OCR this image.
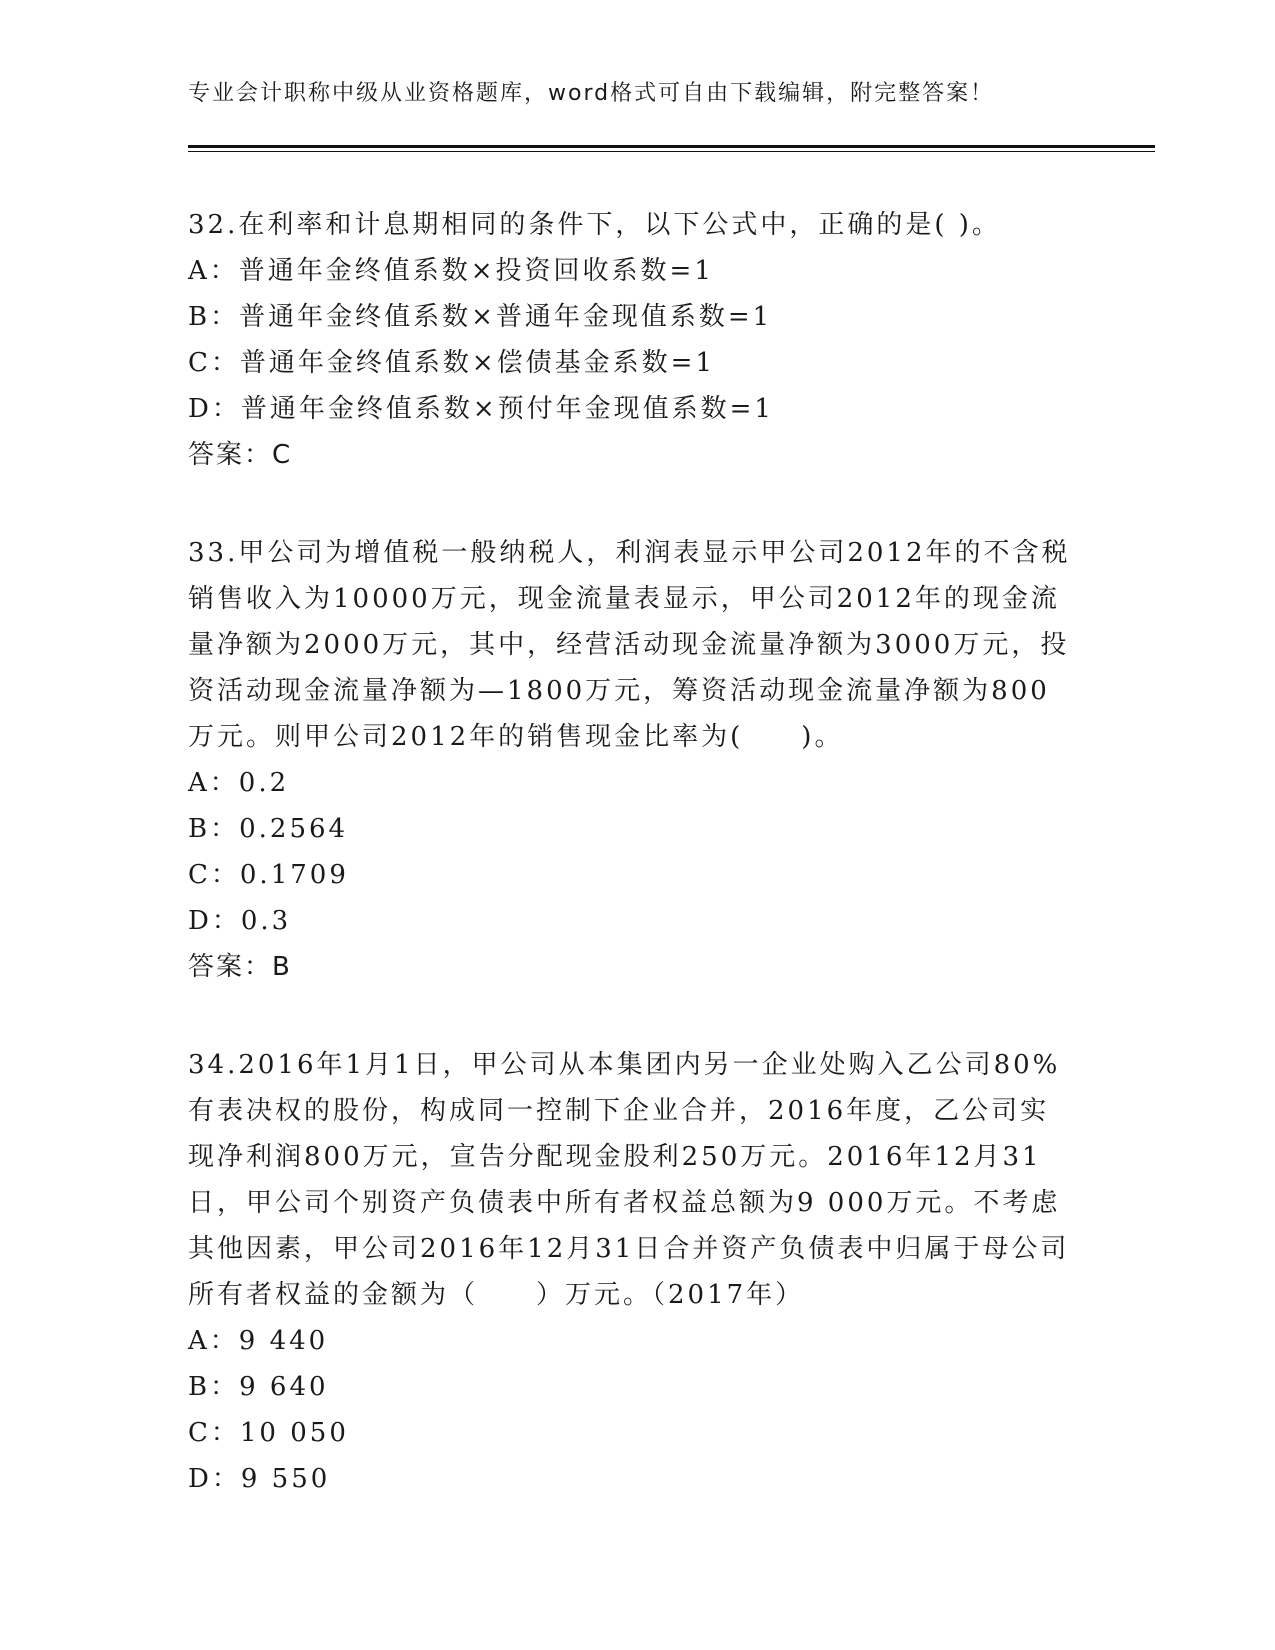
专业会计职称中级从业资格题库，word格式可自由下载编辑，附完整答案！

32.在利率和计息期相同的条件下，以下公式中，正确的是( )。

A：普通年金终值系数×投资回收系数=1

B：普通年金终值系数×普通年金现值系数=1

C：普通年金终值系数×偿债基金系数=1

D：普通年金终值系数×预付年金现值系数=1

答案：C

33.甲公司为增值税一般纳税人，利润表显示甲公司2012年的不含税销售收入为10000万元，现金流量表显示，甲公司2012年的现金流量净额为2000万元，其中，经营活动现金流量净额为3000万元，投资活动现金流量净额为—1800万元，筹资活动现金流量净额为800万元。则甲公司2012年的销售现金比率为(　　)。

A：0.2

B：0.2564

C：0.1709

D：0.3

答案：B

34.2016年1月1日，甲公司从本集团内另一企业处购入乙公司80%有表决权的股份，构成同一控制下企业合并，2016年度，乙公司实现净利润800万元，宣告分配现金股利250万元。2016年12月31日，甲公司个别资产负债表中所有者权益总额为9 000万元。不考虑其他因素，甲公司2016年12月31日合并资产负债表中归属于母公司所有者权益的金额为（　　）万元。（2017年）

A：9 440

B：9 640

C：10 050

D：9 550
